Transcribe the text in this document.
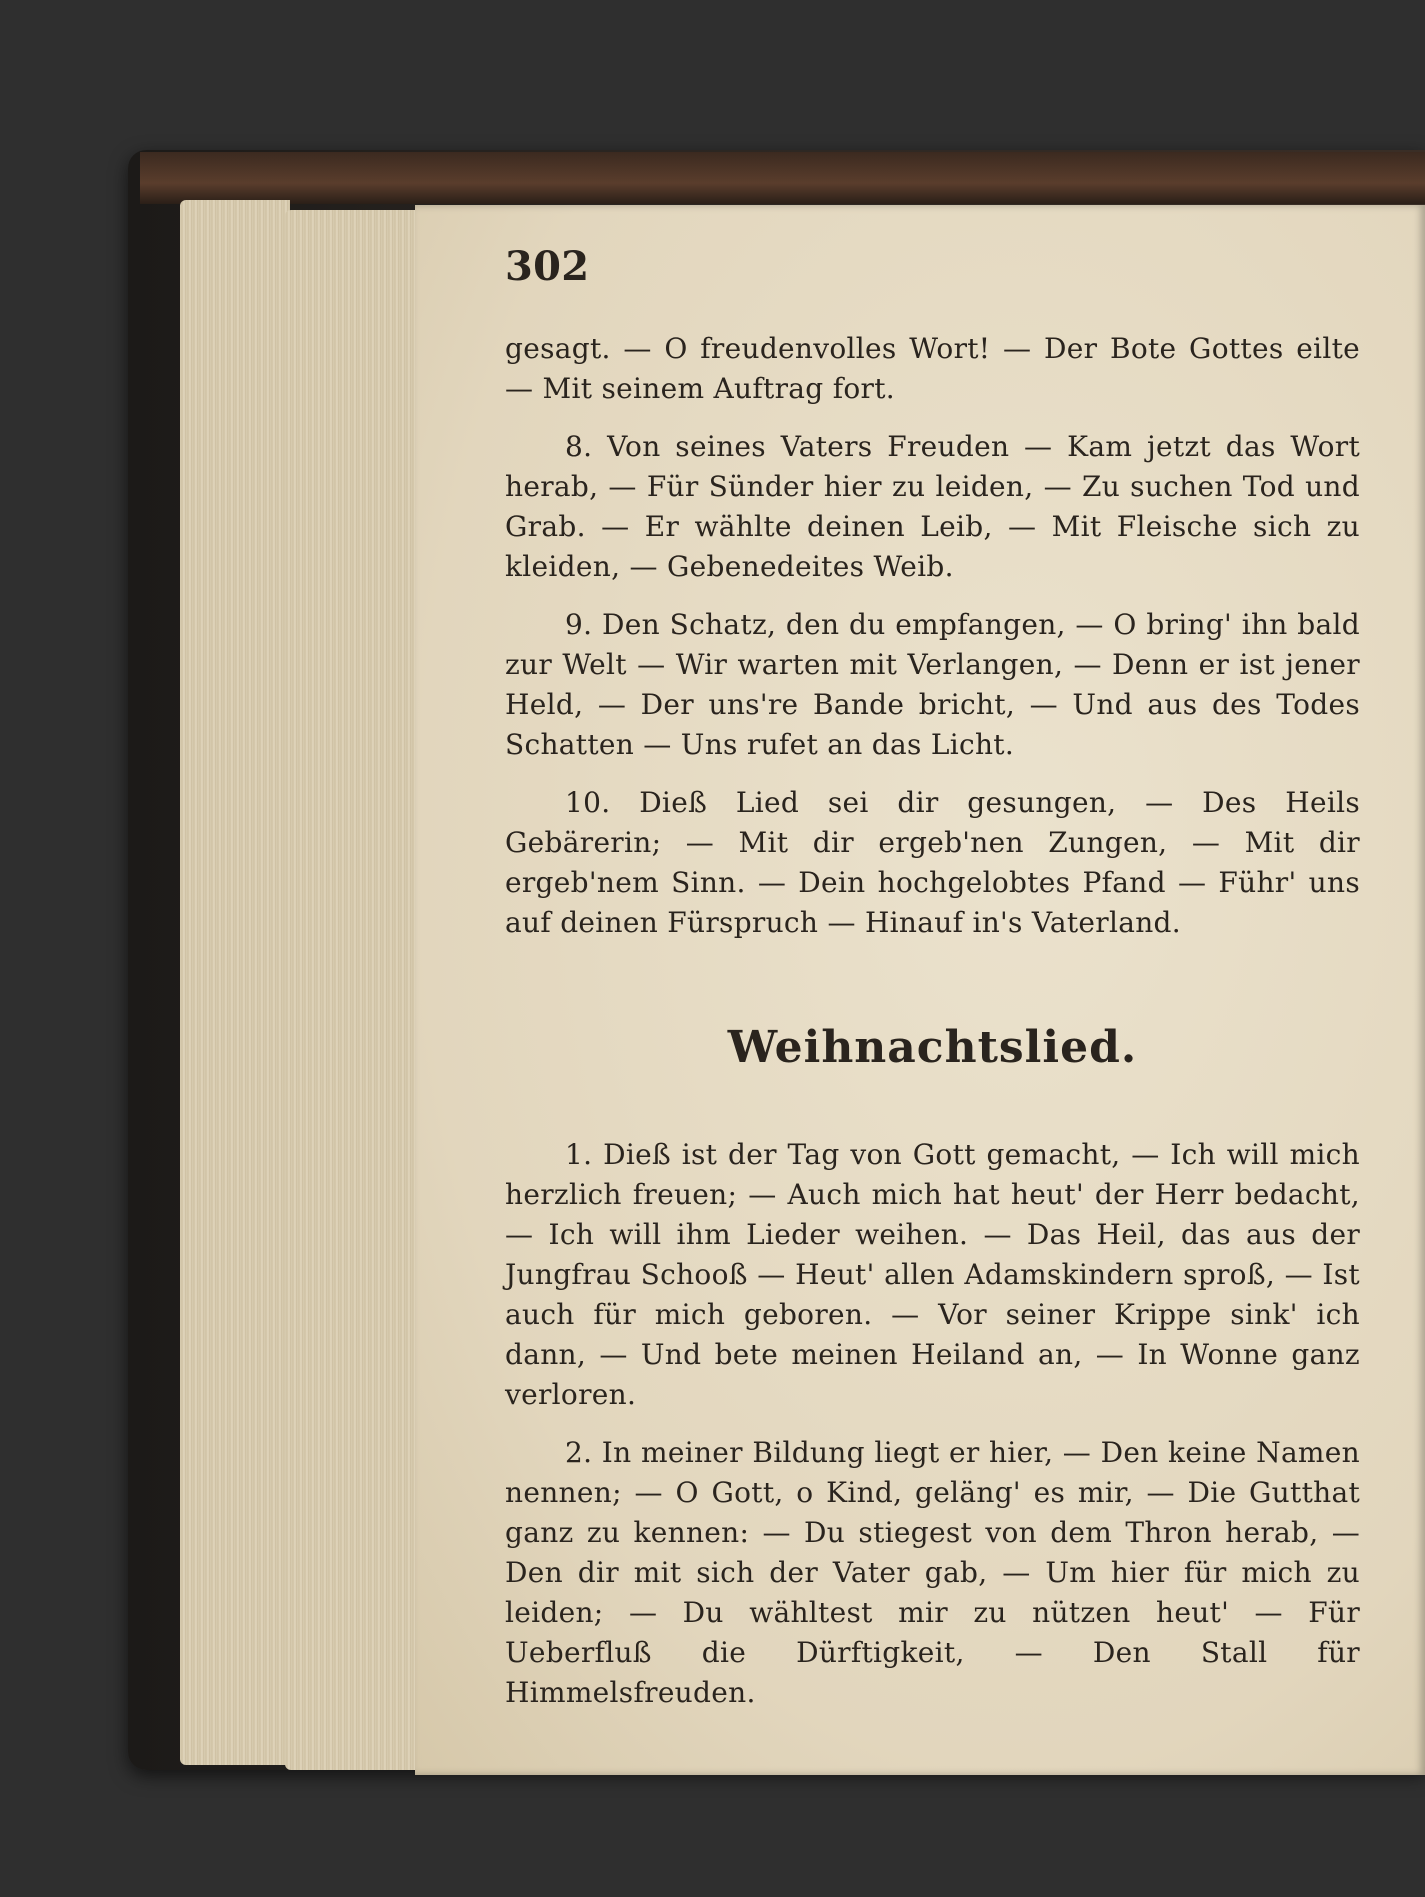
302

gesagt. — O freudenvolles Wort! — Der Bote Gottes eilte — Mit seinem Auftrag fort.

8. Von seines Vaters Freuden — Kam jetzt das Wort herab, — Für Sünder hier zu leiden, — Zu suchen Tod und Grab. — Er wählte deinen Leib, — Mit Fleische sich zu kleiden, — Gebenedeites Weib.

9. Den Schatz, den du empfangen, — O bring' ihn bald zur Welt — Wir warten mit Verlangen, — Denn er ist jener Held, — Der uns're Bande bricht, — Und aus des Todes Schatten — Uns rufet an das Licht.

10. Dieß Lied sei dir gesungen, — Des Heils Gebärerin; — Mit dir ergeb'nen Zungen, — Mit dir ergeb'nem Sinn. — Dein hochgelobtes Pfand — Führ' uns auf deinen Fürspruch — Hinauf in's Vaterland.

Weihnachtslied.

1. Dieß ist der Tag von Gott gemacht, — Ich will mich herzlich freuen; — Auch mich hat heut' der Herr bedacht, — Ich will ihm Lieder weihen. — Das Heil, das aus der Jungfrau Schooß — Heut' allen Adamskindern sproß, — Ist auch für mich geboren. — Vor seiner Krippe sink' ich dann, — Und bete meinen Heiland an, — In Wonne ganz verloren.

2. In meiner Bildung liegt er hier, — Den keine Namen nennen; — O Gott, o Kind, geläng' es mir, — Die Gutthat ganz zu kennen: — Du stiegest von dem Thron herab, — Den dir mit sich der Vater gab, — Um hier für mich zu leiden; — Du wähltest mir zu nützen heut' — Für Ueberfluß die Dürftigkeit, — Den Stall für Himmelsfreuden.
